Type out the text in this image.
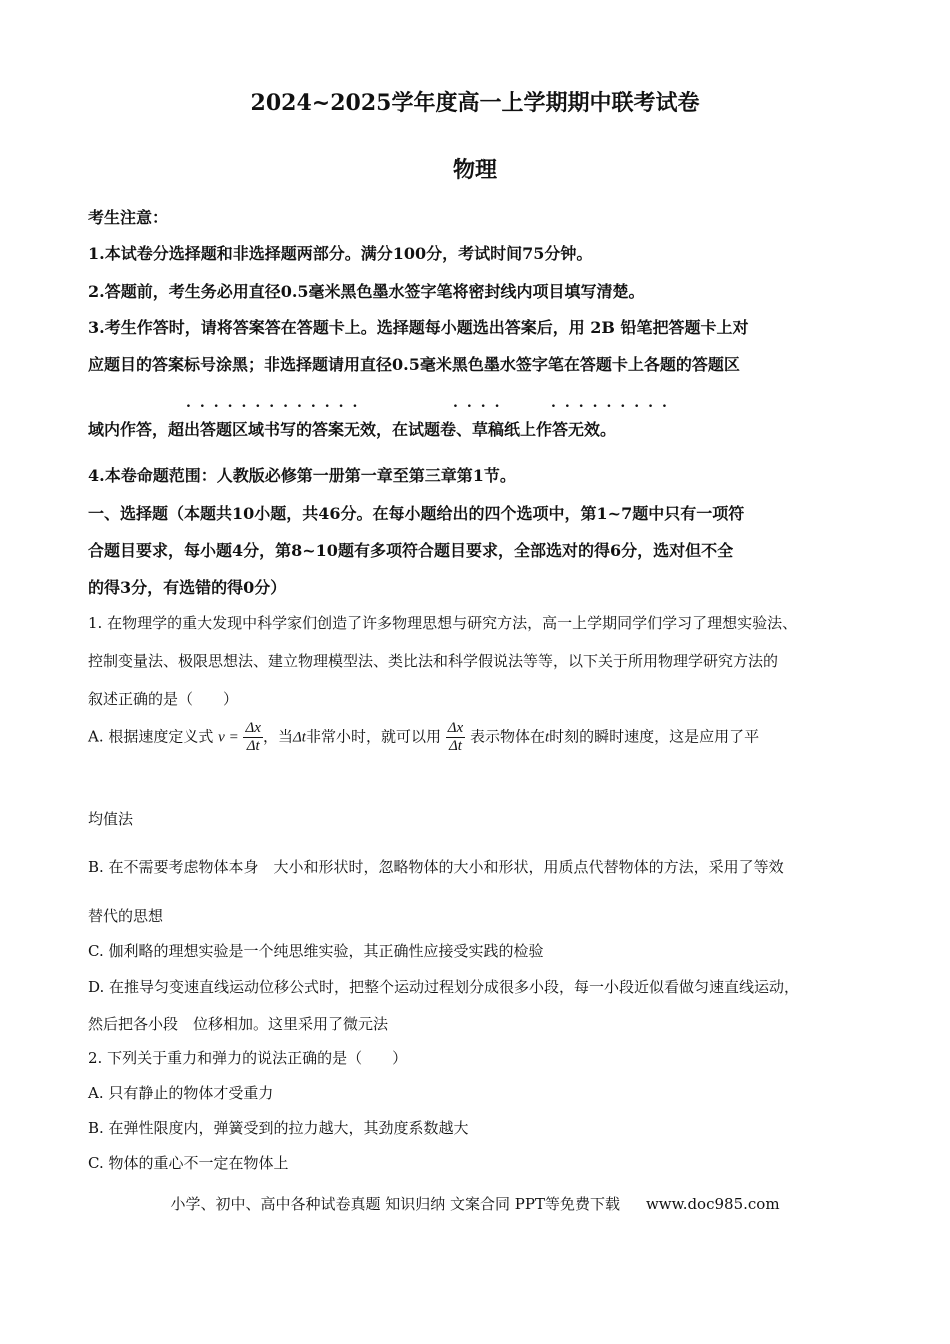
2024~2025学年度高一上学期期中联考试卷
物理
考生注意：
1.本试卷分选择题和非选择题两部分。满分100分，考试时间75分钟。
2.答题前，考生务必用直径0.5毫米黑色墨水签字笔将密封线内项目填写清楚。
3.考生作答时，请将答案答在答题卡上。选择题每小题选出答案后，用 2B 铅笔把答题卡上对
应题目的答案标号涂黑；非选择题请用直径0.5毫米黑色墨水签字笔在答题卡上各题的答题区
.............	....	.........
域内作答，超出答题区域书写的答案无效，在试题卷、草稿纸上作答无效。
4.本卷命题范围：人教版必修第一册第一章至第三章第1节。
一、选择题（本题共10小题，共46分。在每小题给出的四个选项中，第1~7题中只有一项符
合题目要求，每小题4分，第8~10题有多项符合题目要求，全部选对的得6分，选对但不全
的得3分，有选错的得0分）
1. 在物理学的重大发现中科学家们创造了许多物理思想与研究方法，高一上学期同学们学习了理想实验法、
控制变量法、极限思想法、建立物理模型法、类比法和科学假说法等等，以下关于所用物理学研究方法的
叙述正确的是（　　）
A. 根据速度定义式 $v = \frac{\Delta x}{\Delta t}$ ，当Δt非常小时，就可以用 $\frac{\Delta x}{\Delta t}$ 表示物体在t时刻的瞬时速度，这是应用了平
均值法
B. 在不需要考虑物体本身　大小和形状时，忽略物体的大小和形状，用质点代替物体的方法，采用了等效
替代的思想
C. 伽利略的理想实验是一个纯思维实验，其正确性应接受实践的检验
D. 在推导匀变速直线运动位移公式时，把整个运动过程划分成很多小段，每一小段近似看做匀速直线运动，
然后把各小段　位移相加。这里采用了微元法
2. 下列关于重力和弹力的说法正确的是（　　）
A. 只有静止的物体才受重力
B. 在弹性限度内，弹簧受到的拉力越大，其劲度系数越大
C. 物体的重心不一定在物体上
小学、初中、高中各种试卷真题 知识归纳 文案合同 PPT等免费下载 www.doc985.com
